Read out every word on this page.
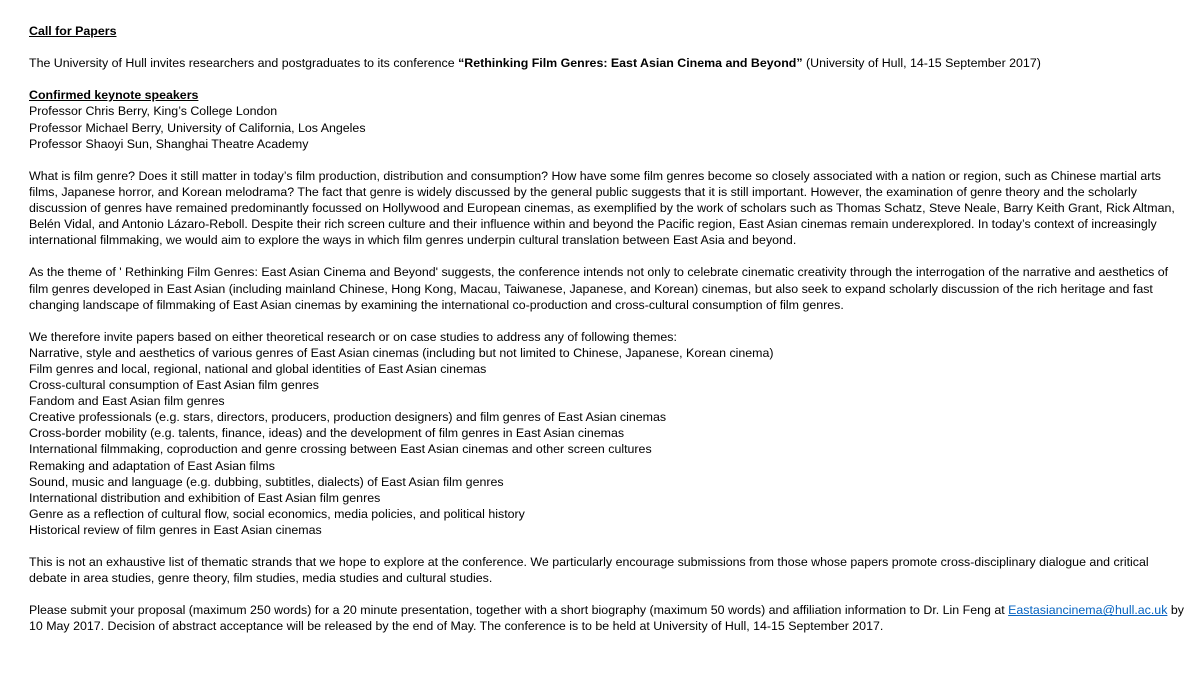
Call for Papers

The University of Hull invites researchers and postgraduates to its conference “Rethinking Film Genres: East Asian Cinema and Beyond” (University of Hull, 14-15 September 2017)

Confirmed keynote speakers

Professor Chris Berry, King’s College London

Professor Michael Berry, University of California, Los Angeles

Professor Shaoyi Sun, Shanghai Theatre Academy

What is film genre? Does it still matter in today’s film production, distribution and consumption? How have some film genres become so closely associated with a nation or region, such as Chinese martial arts films, Japanese horror, and Korean melodrama? The fact that genre is widely discussed by the general public suggests that it is still important. However, the examination of genre theory and the scholarly discussion of genres have remained predominantly focussed on Hollywood and European cinemas, as exemplified by the work of scholars such as Thomas Schatz, Steve Neale, Barry Keith Grant, Rick Altman, Belén Vidal, and Antonio Lázaro-Reboll. Despite their rich screen culture and their influence within and beyond the Pacific region, East Asian cinemas remain underexplored. In today’s context of increasingly international filmmaking, we would aim to explore the ways in which film genres underpin cultural translation between East Asia and beyond.

As the theme of ' Rethinking Film Genres: East Asian Cinema and Beyond' suggests, the conference intends not only to celebrate cinematic creativity through the interrogation of the narrative and aesthetics of film genres developed in East Asian (including mainland Chinese, Hong Kong, Macau, Taiwanese, Japanese, and Korean) cinemas, but also seek to expand scholarly discussion of the rich heritage and fast changing landscape of filmmaking of East Asian cinemas by examining the international co-production and cross-cultural consumption of film genres.

We therefore invite papers based on either theoretical research or on case studies to address any of following themes:

Narrative, style and aesthetics of various genres of East Asian cinemas (including but not limited to Chinese, Japanese, Korean cinema)

Film genres and local, regional, national and global identities of East Asian cinemas

Cross-cultural consumption of East Asian film genres

Fandom and East Asian film genres

Creative professionals (e.g. stars, directors, producers, production designers) and film genres of East Asian cinemas

Cross-border mobility (e.g. talents, finance, ideas) and the development of film genres in East Asian cinemas

International filmmaking, coproduction and genre crossing between East Asian cinemas and other screen cultures

Remaking and adaptation of East Asian films

Sound, music and language (e.g. dubbing, subtitles, dialects) of East Asian film genres

International distribution and exhibition of East Asian film genres

Genre as a reflection of cultural flow, social economics, media policies, and political history

Historical review of film genres in East Asian cinemas

This is not an exhaustive list of thematic strands that we hope to explore at the conference. We particularly encourage submissions from those whose papers promote cross-disciplinary dialogue and critical debate in area studies, genre theory, film studies, media studies and cultural studies.

Please submit your proposal (maximum 250 words) for a 20 minute presentation, together with a short biography (maximum 50 words) and affiliation information to Dr. Lin Feng at Eastasiancinema@hull.ac.uk by 10 May 2017. Decision of abstract acceptance will be released by the end of May. The conference is to be held at University of Hull, 14-15 September 2017.
